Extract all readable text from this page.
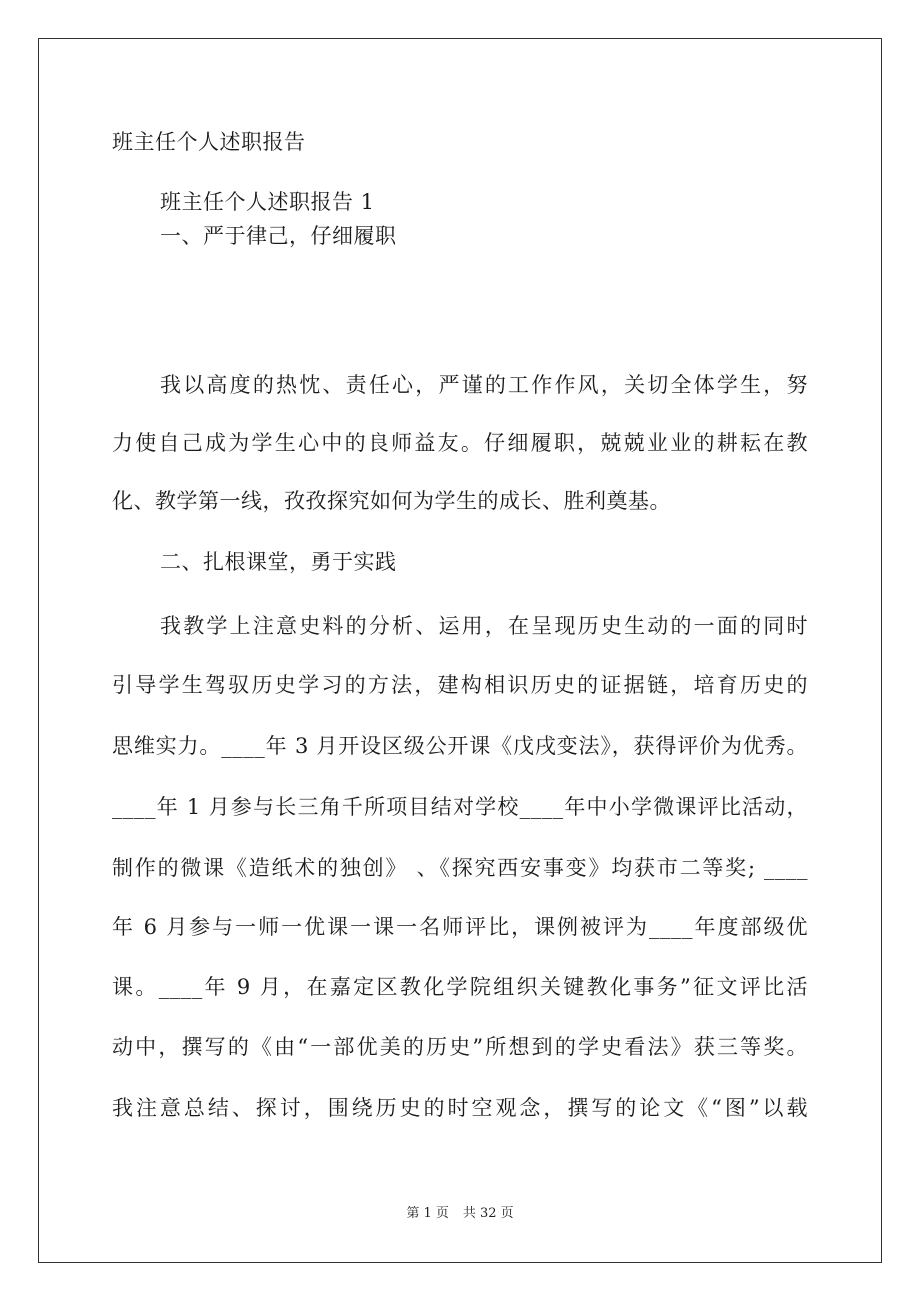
班主任个人述职报告
班主任个人述职报告 1
一、严于律己，仔细履职
我以高度的热忱、责任心，严谨的工作作风，关切全体学生，努
力使自己成为学生心中的良师益友。仔细履职，兢兢业业的耕耘在教
化、教学第一线，孜孜探究如何为学生的成长、胜利奠基。
二、扎根课堂，勇于实践
我教学上注意史料的分析、运用，在呈现历史生动的一面的同时
引导学生驾驭历史学习的方法，建构相识历史的证据链，培育历史的
思维实力。____年 3 月开设区级公开课《戊戌变法》，获得评价为优秀。
____年 1 月参与长三角千所项目结对学校____年中小学微课评比活动，
制作的微课《造纸术的独创》 、《探究西安事变》均获市二等奖; ____
年 6 月参与一师一优课一课一名师评比，课例被评为____年度部级优
课。____年 9 月，在嘉定区教化学院组织关键教化事务”征文评比活
动中，撰写的《由“一部优美的历史”所想到的学史看法》获三等奖。
我注意总结、探讨，围绕历史的时空观念，撰写的论文《“图”以载
第 1 页 共 32 页
